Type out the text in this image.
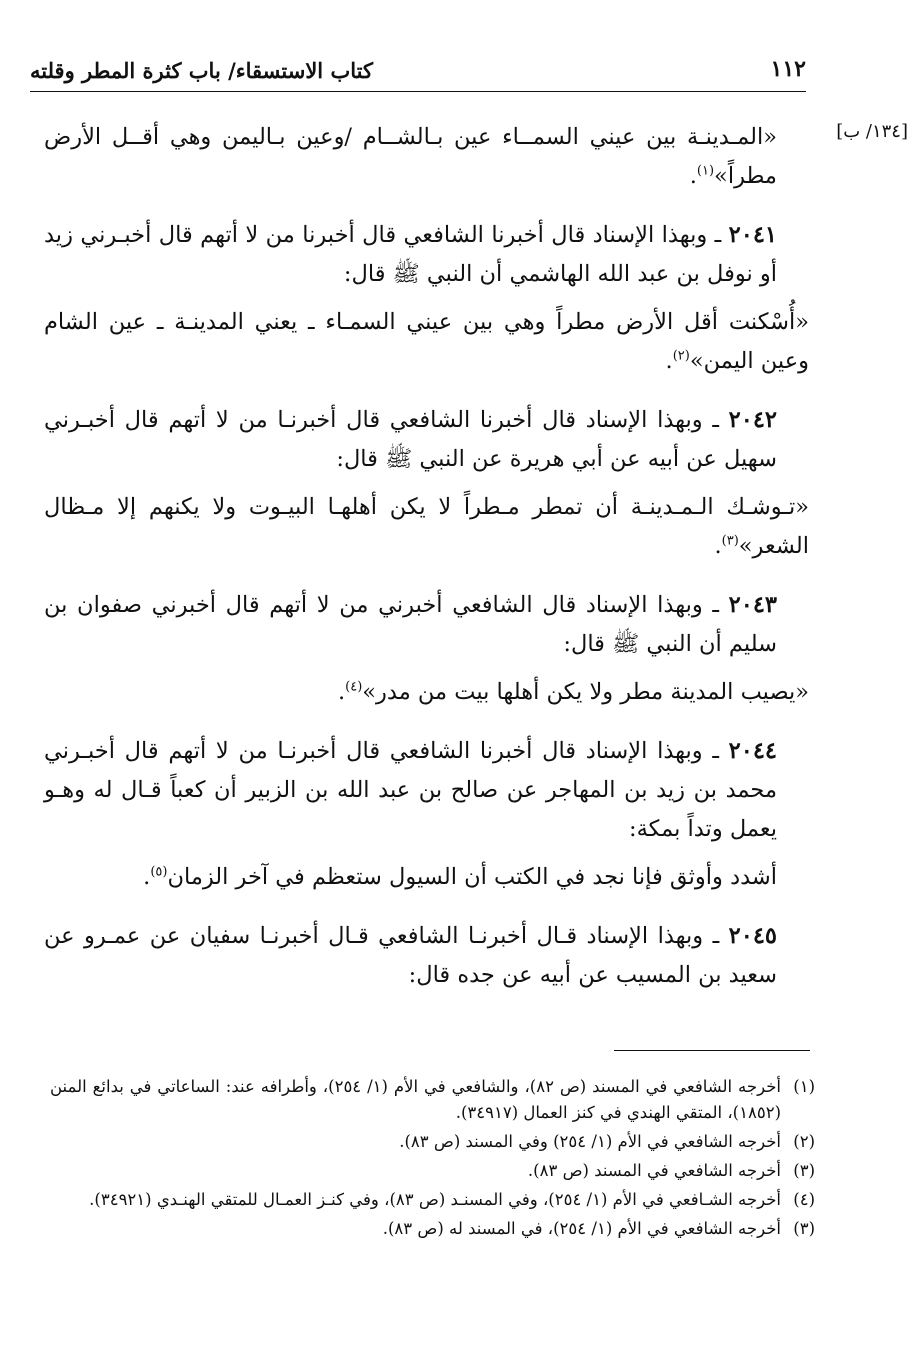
١١٢
كتاب الاستسقاء/ باب كثرة المطر وقلته
[١٣٤/ ب]

«المـدينـة بين عيني السمــاء عين بـالشــام /وعين بـاليمن وهي أقــل الأرض مطراً»$^{(١)}$.

٢٠٤١ ـ وبهذا الإسناد قال أخبرنا الشافعي قال أخبرنا من لا أتهم قال أخبـرني زيد أو نوفل بن عبد الله الهاشمي أن النبي ﷺ قال:

«أُسْكنت أقل الأرض مطراً وهي بين عيني السمـاء ـ يعني المدينـة ـ عين الشام وعين اليمن»$^{(٢)}$.

٢٠٤٢ ـ وبهذا الإسناد قال أخبرنا الشافعي قال أخبرنـا من لا أتهم قال أخبـرني سهيل عن أبيه عن أبي هريرة عن النبي ﷺ قال:

«تـوشـك الـمـدينـة أن تمطر مـطراً لا يكن أهلهـا البيـوت ولا يكنهم إلا مـظال الشعر»$^{(٣)}$.

٢٠٤٣ ـ وبهذا الإسناد قال الشافعي أخبرني من لا أتهم قال أخبرني صفوان بن سليم أن النبي ﷺ قال:

«يصيب المدينة مطر ولا يكن أهلها بيت من مدر»$^{(٤)}$.

٢٠٤٤ ـ وبهذا الإسناد قال أخبرنا الشافعي قال أخبرنـا من لا أتهم قال أخبـرني محمد بن زيد بن المهاجر عن صالح بن عبد الله بن الزبير أن كعباً قـال له وهـو يعمل وتداً بمكة:

أشدد وأوثق فإنا نجد في الكتب أن السيول ستعظم في آخر الزمان$^{(٥)}$.

٢٠٤٥ ـ وبهذا الإسناد قـال أخبرنـا الشافعي قـال أخبرنـا سفيان عن عمـرو عن سعيد بن المسيب عن أبيه عن جده قال:

(١)
أخرجه الشافعي في المسند (ص ٨٢)، والشافعي في الأم (١/ ٢٥٤)، وأطرافه عند: الساعاتي في بدائع المنن (١٨٥٢)، المتقي الهندي في كنز العمال (٣٤٩١٧).

(٢)
أخرجه الشافعي في الأم (١/ ٢٥٤) وفي المسند (ص ٨٣).

(٣)
أخرجه الشافعي في المسند (ص ٨٣).

(٤)
أخرجه الشـافعي في الأم (١/ ٢٥٤)، وفي المسنـد (ص ٨٣)، وفي كنـز العمـال للمتقي الهنـدي (٣٤٩٢١).

(٣)
أخرجه الشافعي في الأم (١/ ٢٥٤)، في المسند له (ص ٨٣).
